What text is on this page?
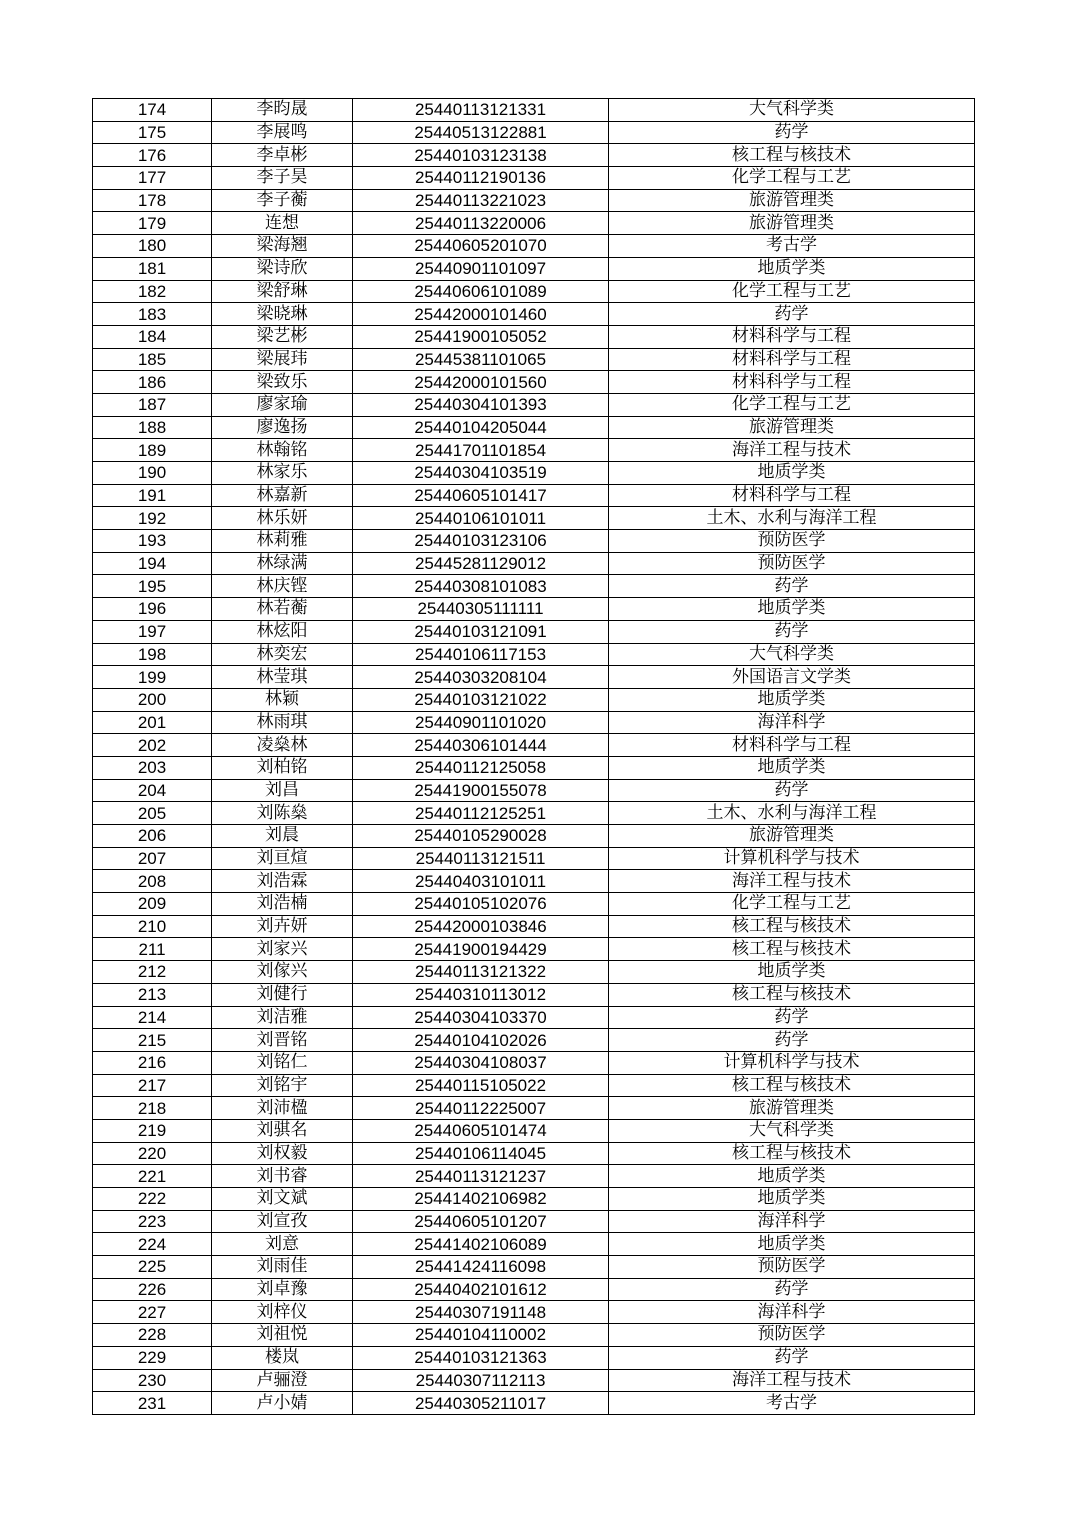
174	李昀晟	25440113121331	大气科学类
175	李展鸣	25440513122881	药学
176	李卓彬	25440103123138	核工程与核技术
177	李子昊	25440112190136	化学工程与工艺
178	李子蘅	25440113221023	旅游管理类
179	连想	25440113220006	旅游管理类
180	梁海翘	25440605201070	考古学
181	梁诗欣	25440901101097	地质学类
182	梁舒琳	25440606101089	化学工程与工艺
183	梁晓琳	25442000101460	药学
184	梁艺彬	25441900105052	材料科学与工程
185	梁展玮	25445381101065	材料科学与工程
186	梁致乐	25442000101560	材料科学与工程
187	廖家瑜	25440304101393	化学工程与工艺
188	廖逸扬	25440104205044	旅游管理类
189	林翰铭	25441701101854	海洋工程与技术
190	林家乐	25440304103519	地质学类
191	林嘉新	25440605101417	材料科学与工程
192	林乐妍	25440106101011	土木、水利与海洋工程
193	林莉雅	25440103123106	预防医学
194	林绿满	25445281129012	预防医学
195	林庆铿	25440308101083	药学
196	林若蘅	25440305111111	地质学类
197	林炫阳	25440103121091	药学
198	林奕宏	25440106117153	大气科学类
199	林莹琪	25440303208104	外国语言文学类
200	林颖	25440103121022	地质学类
201	林雨琪	25440901101020	海洋科学
202	凌燊林	25440306101444	材料科学与工程
203	刘柏铭	25440112125058	地质学类
204	刘昌	25441900155078	药学
205	刘陈燊	25440112125251	土木、水利与海洋工程
206	刘晨	25440105290028	旅游管理类
207	刘亘煊	25440113121511	计算机科学与技术
208	刘浩霖	25440403101011	海洋工程与技术
209	刘浩楠	25440105102076	化学工程与工艺
210	刘卉妍	25442000103846	核工程与核技术
211	刘家兴	25441900194429	核工程与核技术
212	刘傢兴	25440113121322	地质学类
213	刘健行	25440310113012	核工程与核技术
214	刘洁雅	25440304103370	药学
215	刘晋铭	25440104102026	药学
216	刘铭仁	25440304108037	计算机科学与技术
217	刘铭宇	25440115105022	核工程与核技术
218	刘沛楹	25440112225007	旅游管理类
219	刘骐名	25440605101474	大气科学类
220	刘权毅	25440106114045	核工程与核技术
221	刘书睿	25440113121237	地质学类
222	刘文斌	25441402106982	地质学类
223	刘宣孜	25440605101207	海洋科学
224	刘意	25441402106089	地质学类
225	刘雨佳	25441424116098	预防医学
226	刘卓豫	25440402101612	药学
227	刘梓仪	25440307191148	海洋科学
228	刘祖悦	25440104110002	预防医学
229	楼岚	25440103121363	药学
230	卢骊澄	25440307112113	海洋工程与技术
231	卢小婧	25440305211017	考古学
